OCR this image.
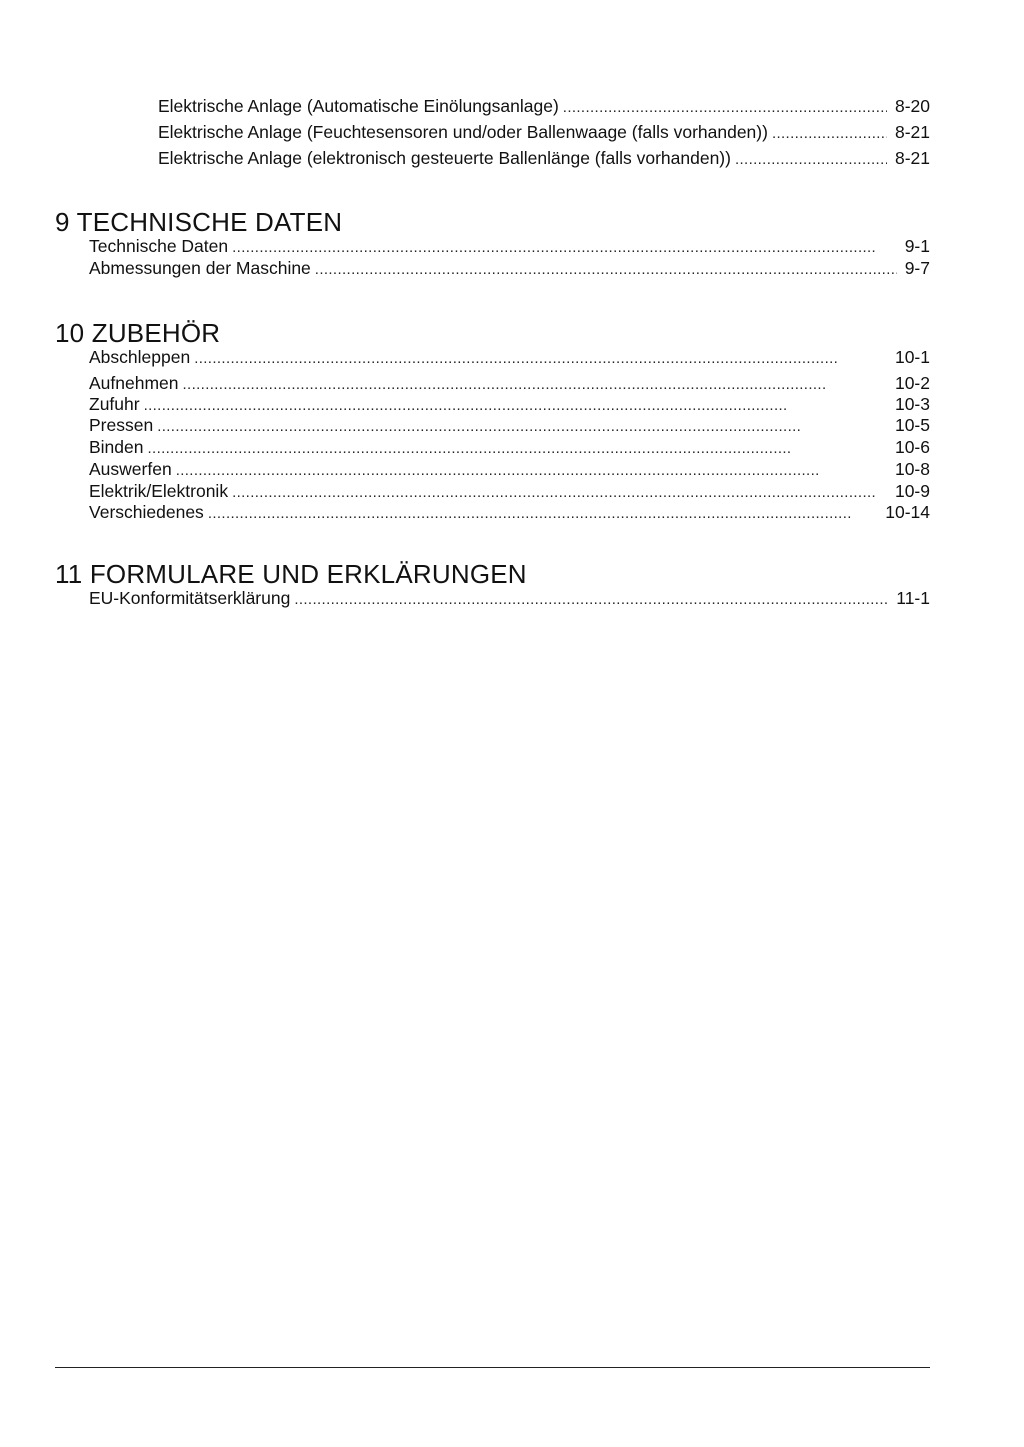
Elektrische Anlage (Automatische Einölungsanlage) . . .	8-20
Elektrische Anlage (Feuchtesensoren und/oder Ballenwaage (falls vorhanden)) . . .	8-21
Elektrische Anlage (elektronisch gesteuerte Ballenlänge (falls vorhanden)) . . .	8-21
9 TECHNISCHE DATEN
Technische Daten . . .	9-1
Abmessungen der Maschine . . .	9-7
10 ZUBEHÖR
Abschleppen . . .	10-1
Aufnehmen . . .	10-2
Zufuhr . . .	10-3
Pressen . . .	10-5
Binden . . .	10-6
Auswerfen . . .	10-8
Elektrik/Elektronik . . .	10-9
Verschiedenes . . .	10-14
11 FORMULARE UND ERKLÄRUNGEN
EU-Konformitätserklärung . . .	11-1
